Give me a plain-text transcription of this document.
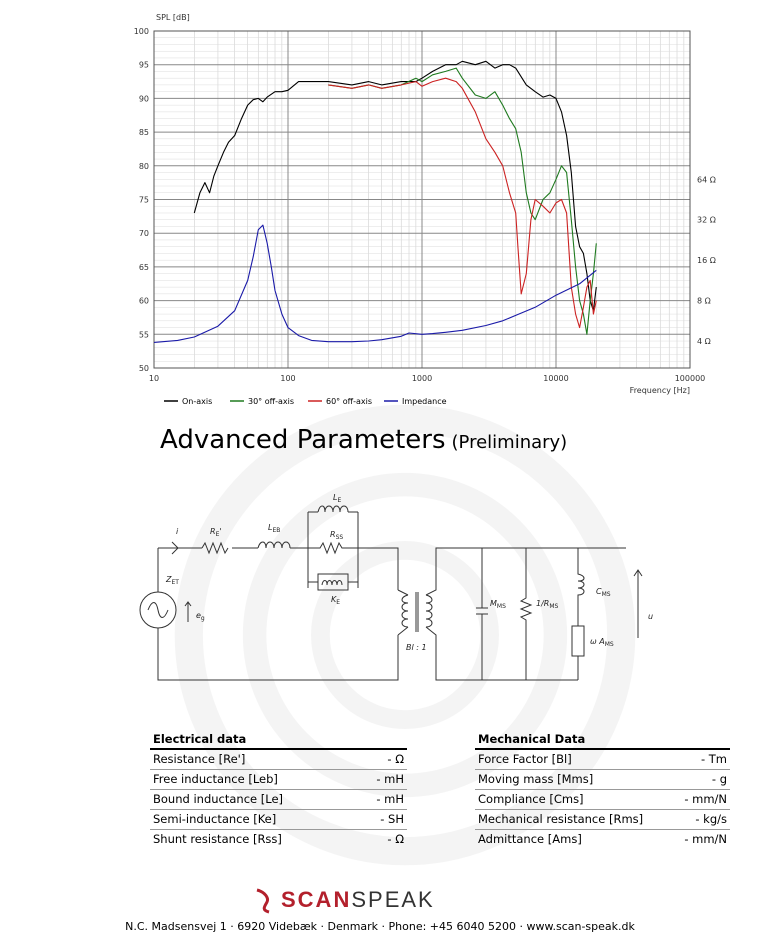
SPL [dB]
10	100	1000	10000	100000
50
55
60
65
70
75
80
85
90
95
100
4 Ω
8 Ω
16 Ω
32 Ω
64 Ω
Frequency [Hz]
On-axis	30° off-axis	60° off-axis	Impedance
Advanced Parameters (Preliminary)
i	$R_E'$	$L_{EB}$
$L_E$
$R_{SS}$
$K_E$
$Z_{ET}$
$e_g$
Bl : 1
$M_{MS}$	$1/R_{MS}$
$C_{MS}$
ω $A_{MS}$
u
Electrical data
Resistance [Re']	- Ω
Free inductance [Leb]	- mH
Bound inductance [Le]	- mH
Semi-inductance [Ke]	- SH
Shunt resistance [Rss]	- Ω
Mechanical Data
Force Factor [Bl]	- Tm
Moving mass [Mms]	- g
Compliance [Cms]	- mm/N
Mechanical resistance [Rms]	- kg/s
Admittance [Ams]	- mm/N
SCANSPEAK
N.C. Madsensvej 1 · 6920 Videbæk · Denmark · Phone: +45 6040 5200 · www.scan-speak.dk
